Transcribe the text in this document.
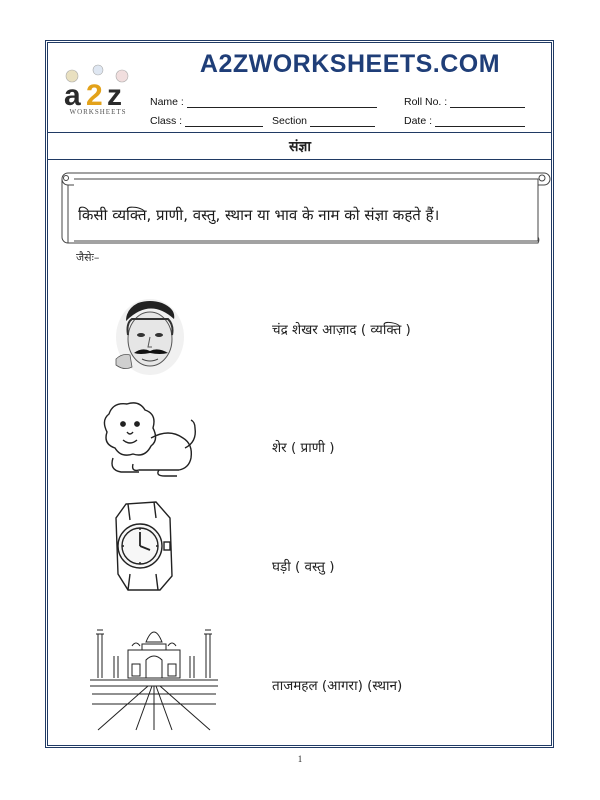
A2ZWORKSHEETS.COM
a 2 z
WORKSHEETS
Name :	Roll No. :
Class :	Section	Date :
संज्ञा
किसी व्यक्ति, प्राणी, वस्तु, स्थान या भाव के नाम को संज्ञा कहते हैं।
जैसेः–
चंद्र शेखर आज़ाद ( व्यक्ति )
शेर ( प्राणी )
घड़ी ( वस्तु )
ताजमहल (आगरा) (स्थान)
1
